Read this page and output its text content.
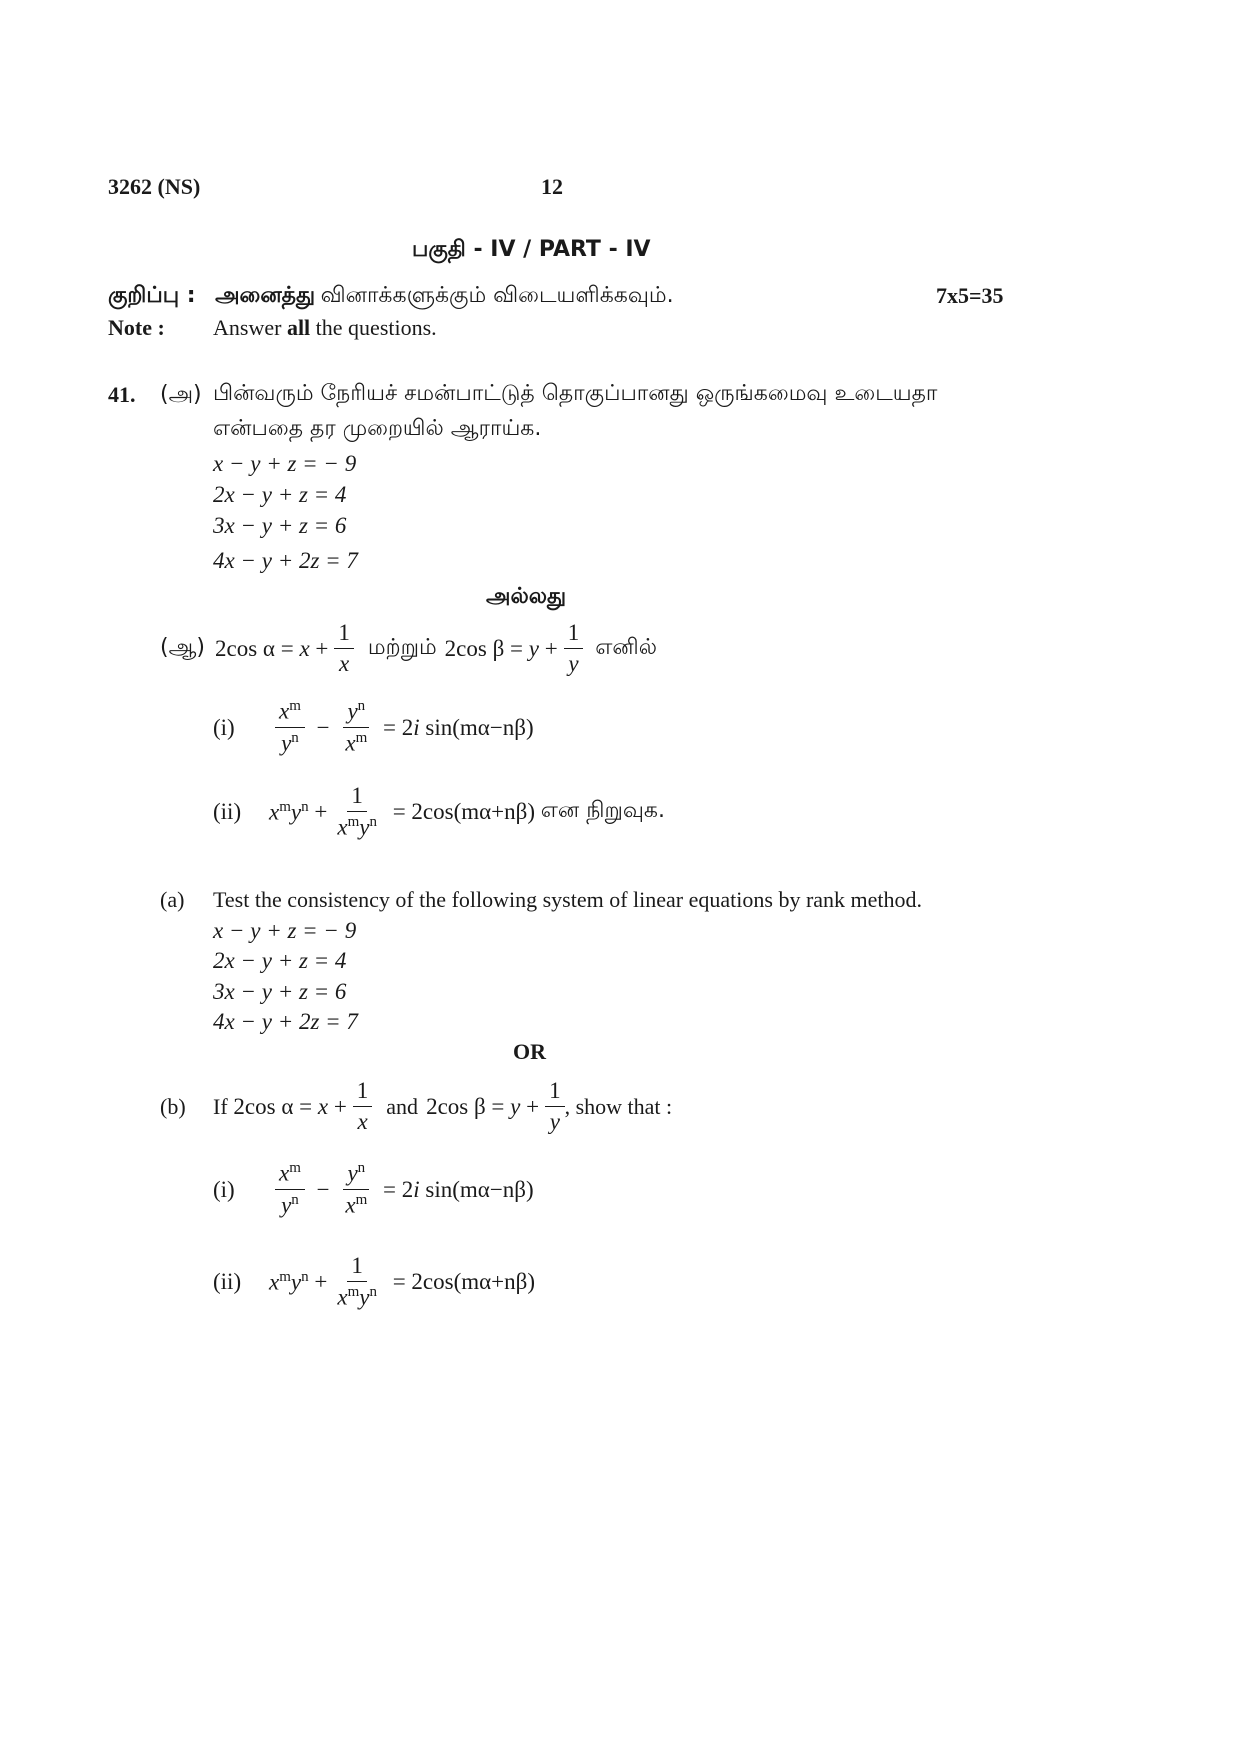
3262 (NS)	12
பகுதி - IV / PART - IV
குறிப்பு : அனைத்து வினாக்களுக்கும் விடையளிக்கவும்.	7x5=35
Note : Answer all the questions.
41. (அ) பின்வரும் நேரியச் சமன்பாட்டுத் தொகுப்பானது ஒருங்கமைவு உடையதா
என்பதை தர முறையில் ஆராய்க.
x − y + z = − 9
2x − y + z = 4
3x − y + z = 6
4x − y + 2z = 7
அல்லது
(ஆ) 2cos $\alpha = x + \frac{1}{x}$ மற்றும் 2cos $\beta = y + \frac{1}{y}$ எனில்
(i)	$\frac{x^m}{y^n} - \frac{y^n}{x^m} = 2i$ sin(mα−nβ)
(ii)	$x^my^n + \frac{1}{x^my^n} = 2\cos(m\alpha+n\beta)$ என நிறுவுக.
(a) Test the consistency of the following system of linear equations by rank method.
x − y + z = − 9
2x − y + z = 4
3x − y + z = 6
4x − y + 2z = 7
OR
(b)	If 2cos $\alpha = x + \frac{1}{x}$ and 2cos $\beta = y + \frac{1}{y}$ , show that :
(i)	$\frac{x^m}{y^n} - \frac{y^n}{x^m} = 2i$ sin(mα−nβ)
(ii)	$x^my^n + \frac{1}{x^my^n} = 2\cos(m\alpha+n\beta)$
